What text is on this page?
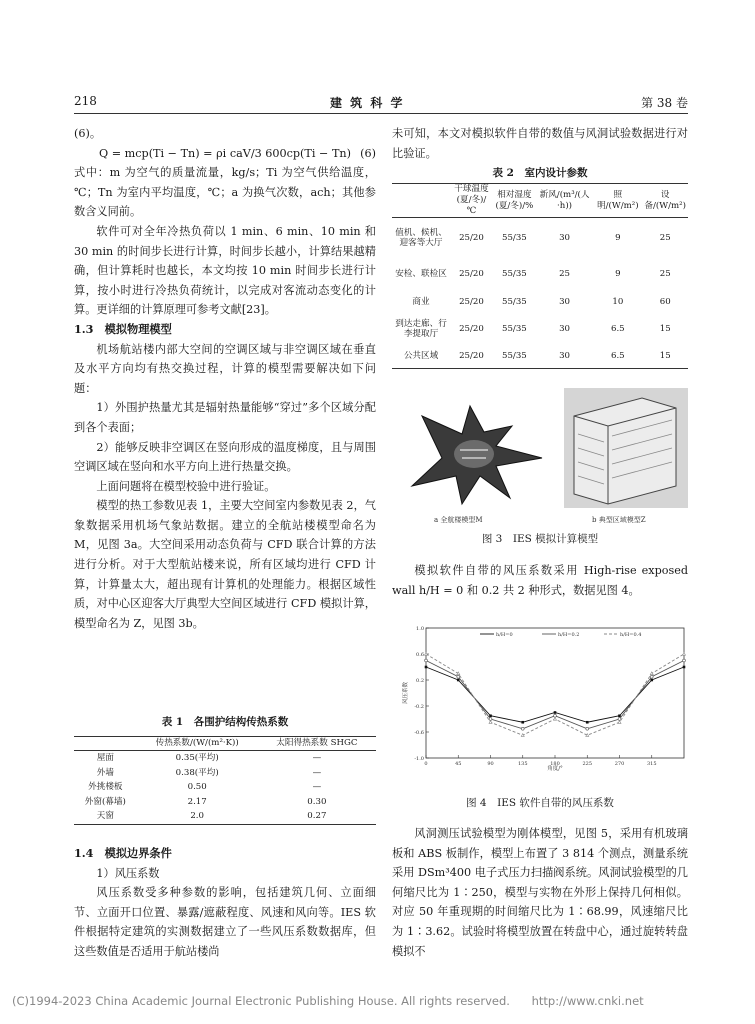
218	建 筑 科 学	第 38 卷

(6)。

Q = mcp(Ti − Tn) = ρi caV/3 600cp(Ti − Tn) (6)

式中：m 为空气的质量流量，kg/s；Ti 为空气供给温度，℃；Tn 为室内平均温度，℃；a 为换气次数，ach；其他参数含义同前。

软件可对全年冷热负荷以 1 min、6 min、10 min 和 30 min 的时间步长进行计算，时间步长越小，计算结果越精确，但计算耗时也越长，本文均按 10 min 时间步长进行计算，按小时进行冷热负荷统计，以完成对客流动态变化的计算。更详细的计算原理可参考文献[23]。

1.3　模拟物理模型

机场航站楼内部大空间的空调区域与非空调区域在垂直及水平方向均有热交换过程，计算的模型需要解决如下问题：

1）外围护热量尤其是辐射热量能够“穿过”多个区域分配到各个表面；

2）能够反映非空调区在竖向形成的温度梯度，且与周围空调区域在竖向和水平方向上进行热量交换。

上面问题将在模型校验中进行验证。

模型的热工参数见表 1，主要大空间室内参数见表 2，气象数据采用机场气象站数据。建立的全航站楼模型命名为 M，见图 3a。大空间采用动态负荷与 CFD 联合计算的方法进行分析。对于大型航站楼来说，所有区域均进行 CFD 计算，计算量太大，超出现有计算机的处理能力。根据区域性质，对中心区迎客大厅典型大空间区域进行 CFD 模拟计算，模型命名为 Z，见图 3b。

表 1　各围护结构传热系数
	传热系数/(W/(m²·K))	太阳得热系数 SHGC
屋面	0.35(平均)	—
外墙	0.38(平均)	—
外挑楼板	0.50	—
外窗(幕墙)	2.17	0.30
天窗	2.0	0.27

1.4　模拟边界条件

1）风压系数

风压系数受多种参数的影响，包括建筑几何、立面细节、立面开口位置、暴露/遮蔽程度、风速和风向等。IES 软件根据特定建筑的实测数据建立了一些风压系数数据库，但这些数值是否适用于航站楼尚

未可知，本文对模拟软件自带的数值与风洞试验数据进行对比验证。

表 2　室内设计参数
	干球温度(夏/冬)/℃	相对湿度(夏/冬)/%	新风/(m³/(人·h))	照明/(W/m²)	设备/(W/m²)
值机、候机、迎客等大厅	25/20	55/35	30	9	25
安检、联检区	25/20	55/35	25	9	25
商业	25/20	55/35	30	10	60
到达走廊、行李提取厅	25/20	55/35	30	6.5	15
公共区域	25/20	55/35	30	6.5	15
a 全航楼模型M	b 典型区域模型Z
图 3　IES 模拟计算模型

模拟软件自带的风压系数采用 High-rise exposed wall h/H = 0 和 0.2 共 2 种形式，数据见图 4。

1.0
0.6
0.2
-0.2
-0.6
-1.0
0	45	90	135	180	225	270	315
角度/°
风压系数
h/H=0	h/H=0.2	h/H=0.4
图 4　IES 软件自带的风压系数

风洞测压试验模型为刚体模型，见图 5，采用有机玻璃板和 ABS 板制作，模型上布置了 3 814 个测点，测量系统采用 DSm³400 电子式压力扫描阀系统。风洞试验模型的几何缩尺比为 1∶250，模型与实物在外形上保持几何相似。对应 50 年重现期的时间缩尺比为 1∶68.99，风速缩尺比为 1∶3.62。试验时将模型放置在转盘中心，通过旋转转盘模拟不

(C)1994-2023 China Academic Journal Electronic Publishing House. All rights reserved. http://www.cnki.net
